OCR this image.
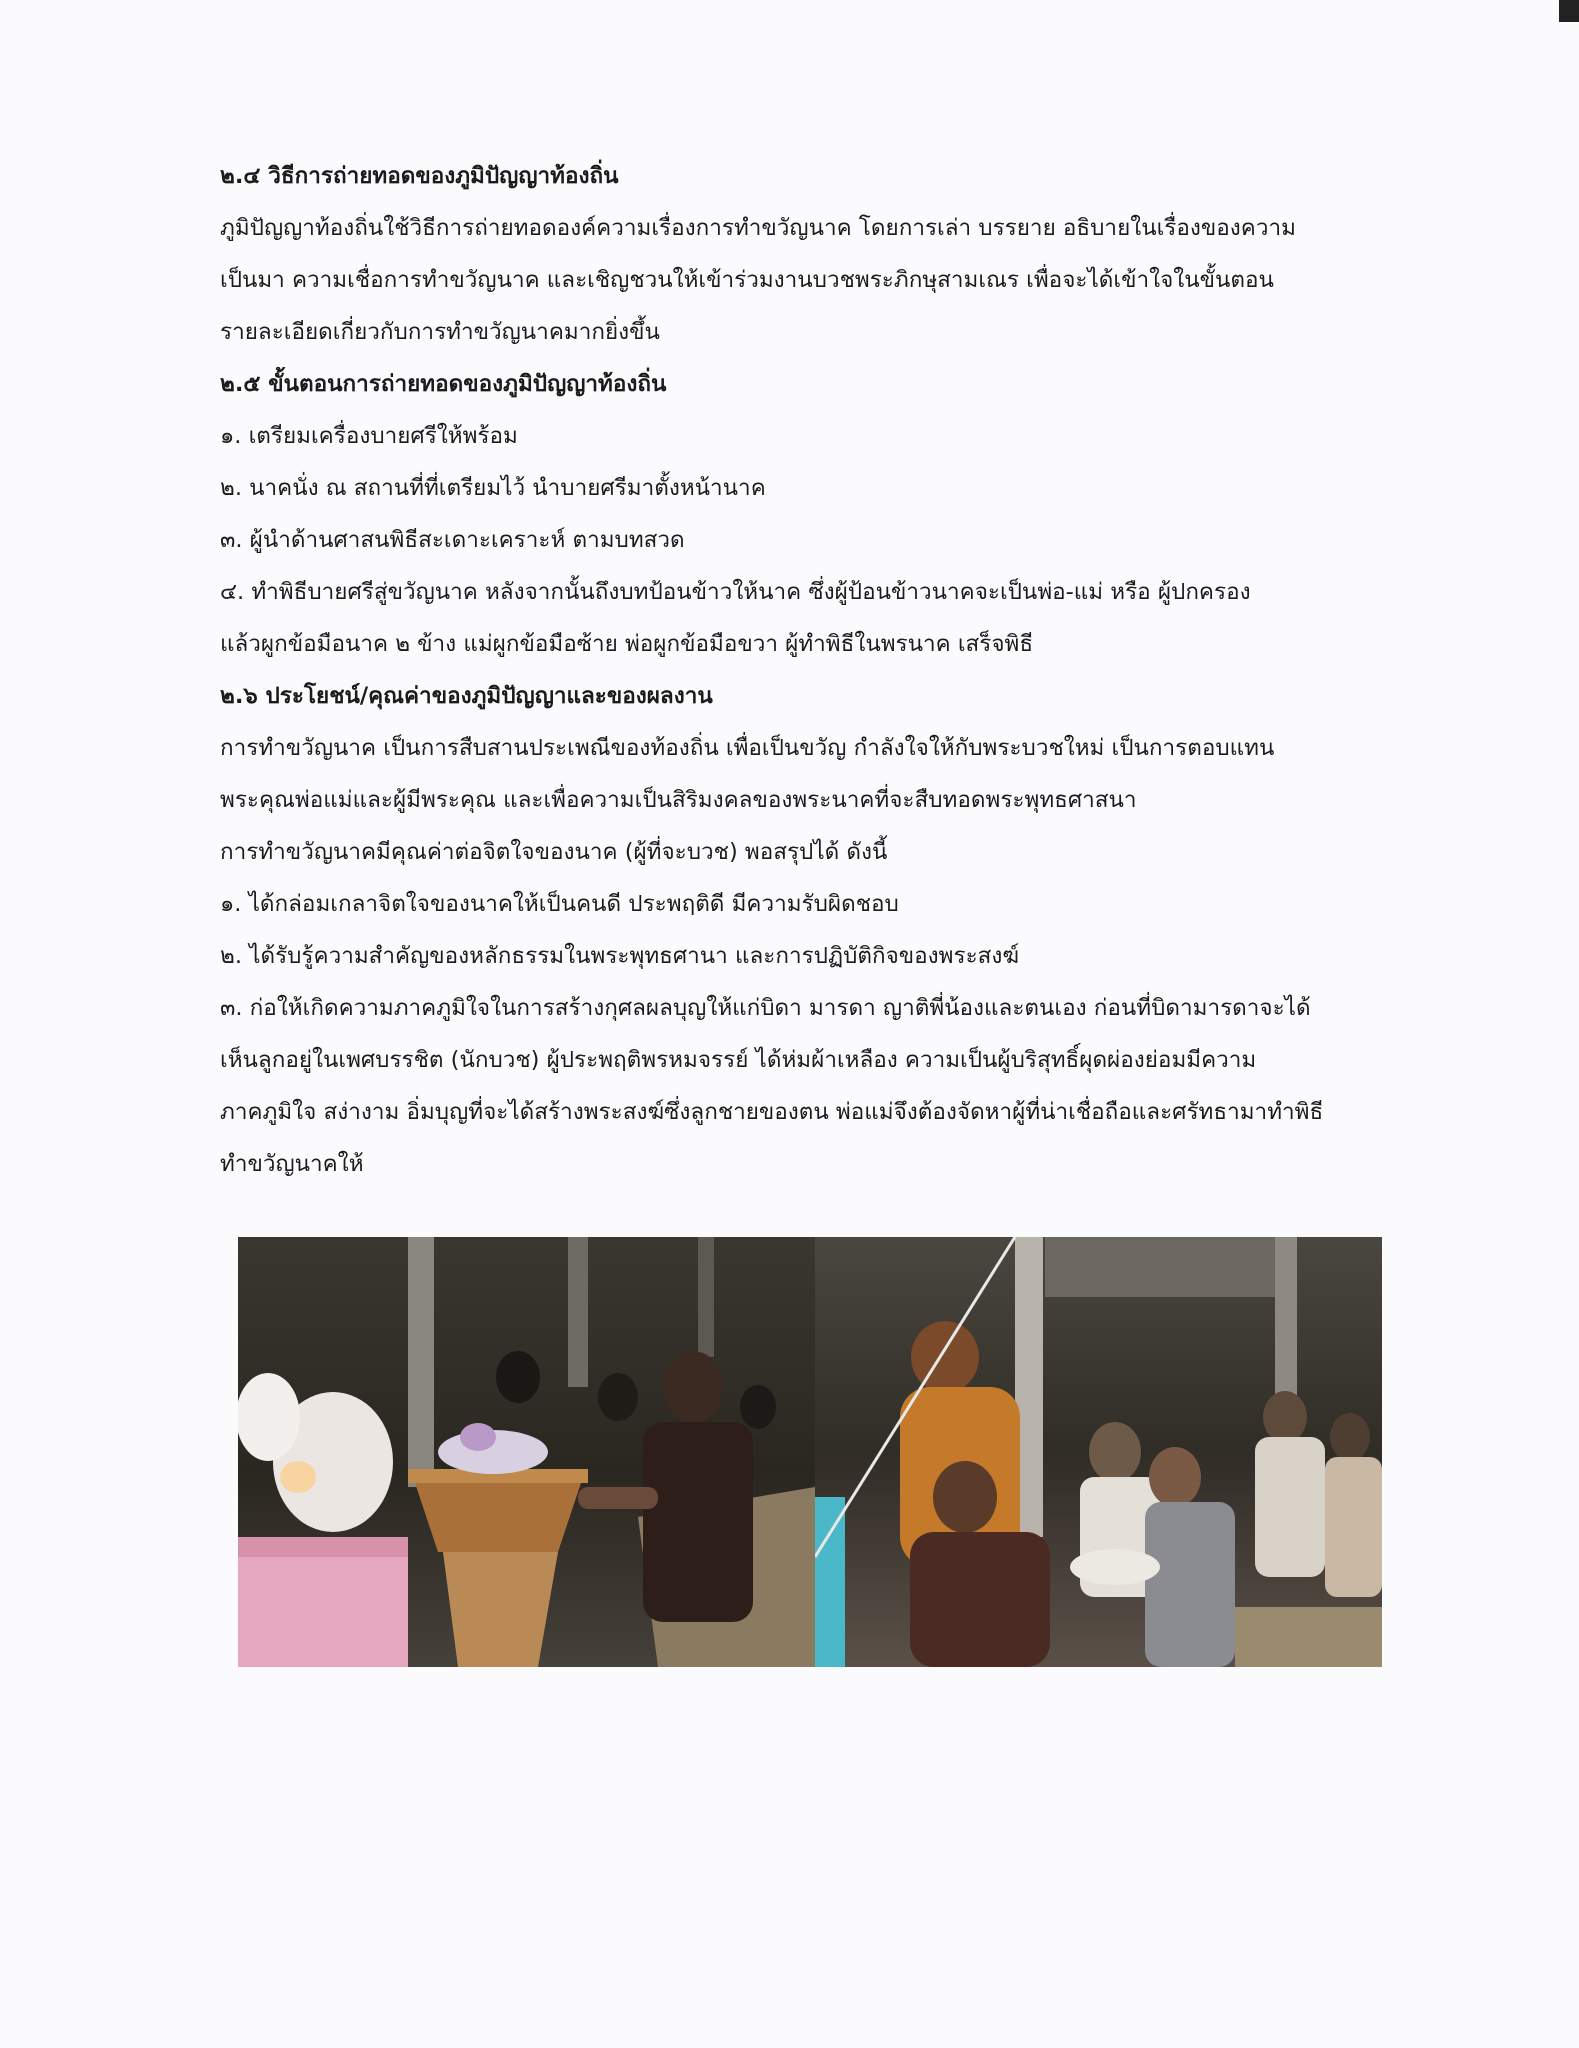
๒.๔ วิธีการถ่ายทอดของภูมิปัญญาท้องถิ่น
ภูมิปัญญาท้องถิ่นใช้วิธีการถ่ายทอดองค์ความเรื่องการทำขวัญนาค โดยการเล่า บรรยาย อธิบายในเรื่องของความ
เป็นมา ความเชื่อการทำขวัญนาค และเชิญชวนให้เข้าร่วมงานบวชพระภิกษุสามเณร เพื่อจะได้เข้าใจในขั้นตอน
รายละเอียดเกี่ยวกับการทำขวัญนาคมากยิ่งขึ้น
๒.๕ ขั้นตอนการถ่ายทอดของภูมิปัญญาท้องถิ่น
๑. เตรียมเครื่องบายศรีให้พร้อม
๒. นาคนั่ง ณ สถานที่ที่เตรียมไว้ นำบายศรีมาตั้งหน้านาค
๓. ผู้นำด้านศาสนพิธีสะเดาะเคราะห์ ตามบทสวด
๔. ทำพิธีบายศรีสู่ขวัญนาค หลังจากนั้นถึงบทป้อนข้าวให้นาค ซึ่งผู้ป้อนข้าวนาคจะเป็นพ่อ-แม่ หรือ ผู้ปกครอง
แล้วผูกข้อมือนาค ๒ ข้าง แม่ผูกข้อมือซ้าย พ่อผูกข้อมือขวา ผู้ทำพิธีในพรนาค เสร็จพิธี
๒.๖ ประโยชน์/คุณค่าของภูมิปัญญาและของผลงาน
การทำขวัญนาค เป็นการสืบสานประเพณีของท้องถิ่น เพื่อเป็นขวัญ กำลังใจให้กับพระบวชใหม่ เป็นการตอบแทน
พระคุณพ่อแม่และผู้มีพระคุณ และเพื่อความเป็นสิริมงคลของพระนาคที่จะสืบทอดพระพุทธศาสนา
การทำขวัญนาคมีคุณค่าต่อจิตใจของนาค (ผู้ที่จะบวช) พอสรุปได้ ดังนี้
๑. ได้กล่อมเกลาจิตใจของนาคให้เป็นคนดี ประพฤติดี มีความรับผิดชอบ
๒. ได้รับรู้ความสำคัญของหลักธรรมในพระพุทธศานา และการปฏิบัติกิจของพระสงฆ์
๓. ก่อให้เกิดความภาคภูมิใจในการสร้างกุศลผลบุญให้แก่บิดา มารดา ญาติพี่น้องและตนเอง ก่อนที่บิดามารดาจะได้
เห็นลูกอยู่ในเพศบรรชิต (นักบวช) ผู้ประพฤติพรหมจรรย์ ได้ห่มผ้าเหลือง ความเป็นผู้บริสุทธิ์ผุดผ่องย่อมมีความ
ภาคภูมิใจ สง่างาม อิ่มบุญที่จะได้สร้างพระสงฆ์ซึ่งลูกชายของตน พ่อแม่จึงต้องจัดหาผู้ที่น่าเชื่อถือและศรัทธามาทำพิธี
ทำขวัญนาคให้
